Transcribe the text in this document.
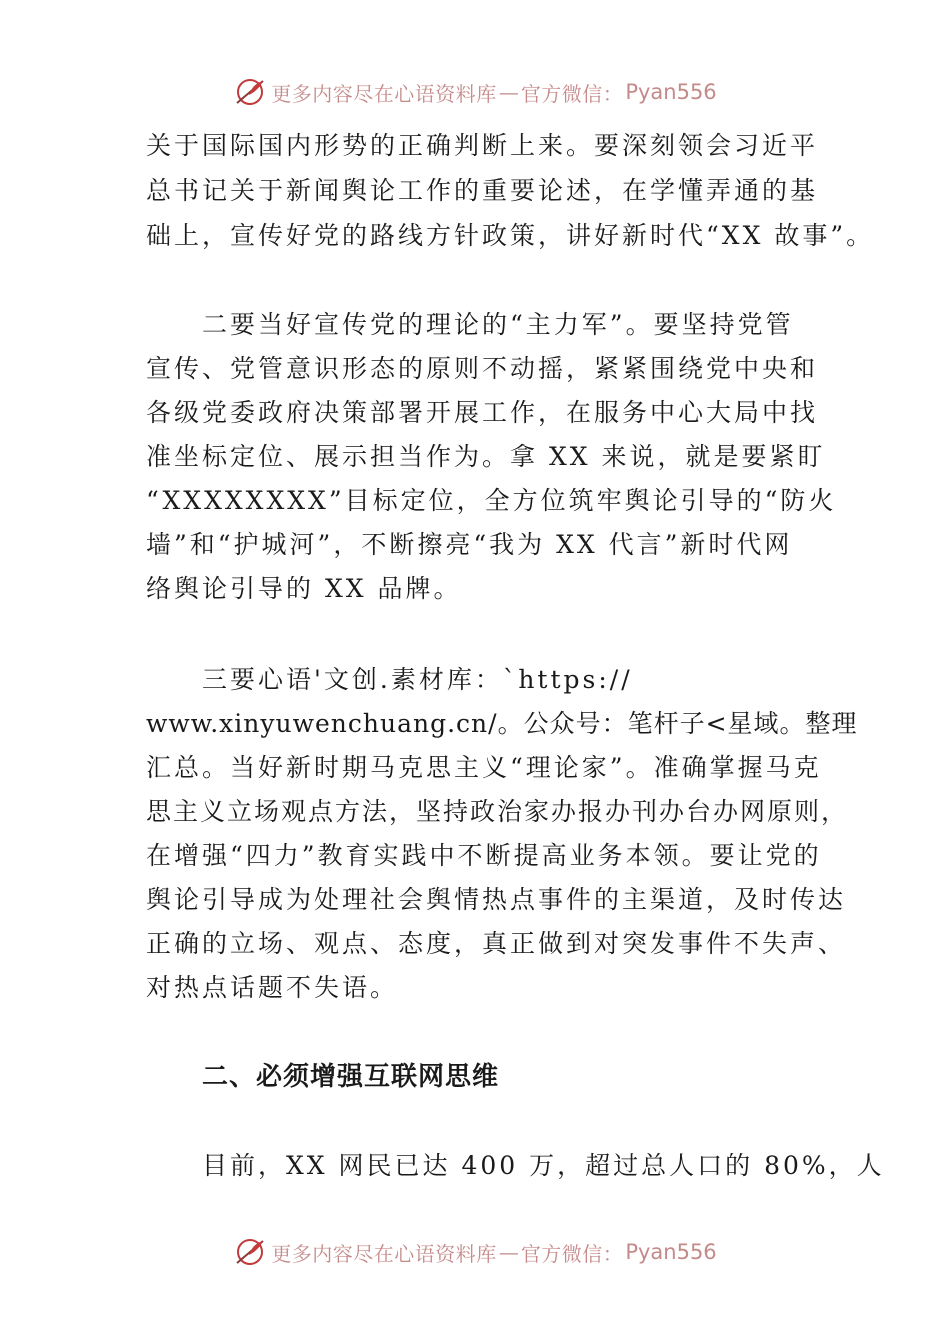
更多内容尽在心语资料库 — 官方微信： Pyan556
关于国际国内形势的正确判断上来。要深刻领会习近平
总书记关于新闻舆论工作的重要论述，在学懂弄通的基
础上，宣传好党的路线方针政策，讲好新时代“XX 故事”。
二要当好宣传党的理论的“主力军”。要坚持党管
宣传、党管意识形态的原则不动摇，紧紧围绕党中央和
各级党委政府决策部署开展工作，在服务中心大局中找
准坐标定位、展示担当作为。拿 XX 来说，就是要紧盯
“XXXXXXXX”目标定位，全方位筑牢舆论引导的“防火
墙”和“护城河”，不断擦亮“我为 XX 代言”新时代网
络舆论引导的 XX 品牌。
三要心语'文创.素材库：`https://
www.xinyuwenchuang.cn/。公众号：笔杆子<星域。整理
汇总。当好新时期马克思主义“理论家”。准确掌握马克
思主义立场观点方法，坚持政治家办报办刊办台办网原则，
在增强“四力”教育实践中不断提高业务本领。要让党的
舆论引导成为处理社会舆情热点事件的主渠道，及时传达
正确的立场、观点、态度，真正做到对突发事件不失声、
对热点话题不失语。
二、必须增强互联网思维
目前，XX 网民已达 400 万，超过总人口的 80%，人
更多内容尽在心语资料库 — 官方微信： Pyan556
